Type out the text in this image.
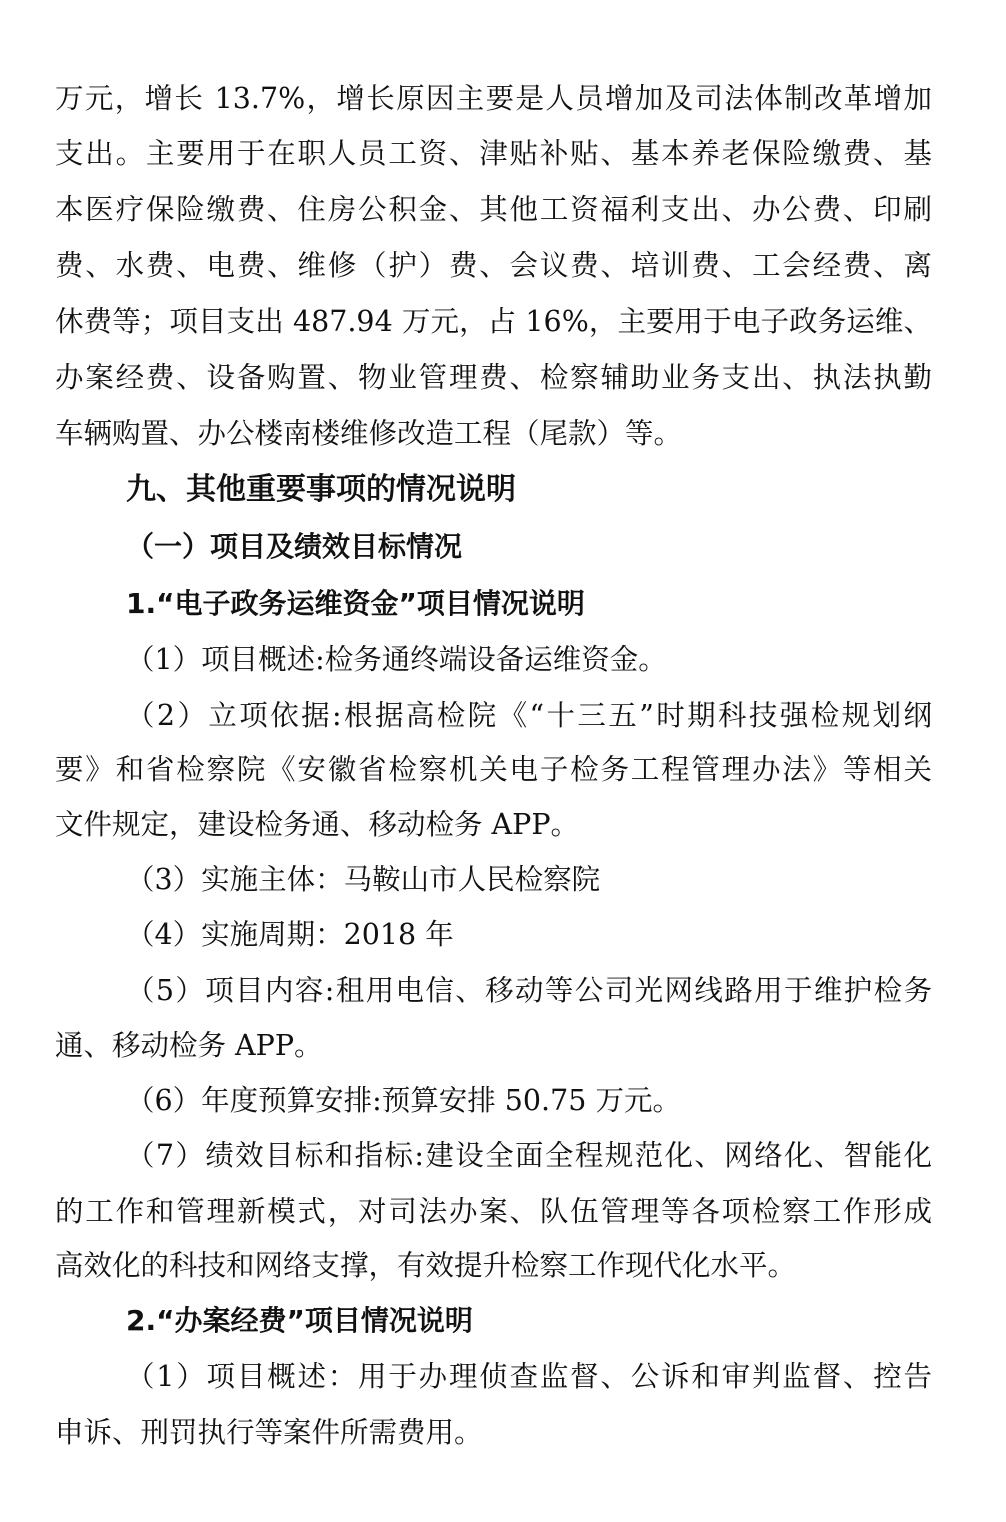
万元，增长 13.7%，增长原因主要是人员增加及司法体制改革增加
支出。主要用于在职人员工资、津贴补贴、基本养老保险缴费、基
本医疗保险缴费、住房公积金、其他工资福利支出、办公费、印刷
费、水费、电费、维修（护）费、会议费、培训费、工会经费、离
休费等；项目支出 487.94 万元，占 16%，主要用于电子政务运维、
办案经费、设备购置、物业管理费、检察辅助业务支出、执法执勤
车辆购置、办公楼南楼维修改造工程（尾款）等。
九、其他重要事项的情况说明
（一）项目及绩效目标情况
1.“电子政务运维资金”项目情况说明
（1）项目概述:检务通终端设备运维资金。
（2）立项依据:根据高检院《“十三五”时期科技强检规划纲
要》和省检察院《安徽省检察机关电子检务工程管理办法》等相关
文件规定，建设检务通、移动检务 APP。
（3）实施主体：马鞍山市人民检察院
（4）实施周期：2018 年
（5）项目内容:租用电信、移动等公司光网线路用于维护检务
通、移动检务 APP。
（6）年度预算安排:预算安排 50.75 万元。
（7）绩效目标和指标:建设全面全程规范化、网络化、智能化
的工作和管理新模式，对司法办案、队伍管理等各项检察工作形成
高效化的科技和网络支撑，有效提升检察工作现代化水平。
2.“办案经费”项目情况说明
（1）项目概述：用于办理侦查监督、公诉和审判监督、控告
申诉、刑罚执行等案件所需费用。
